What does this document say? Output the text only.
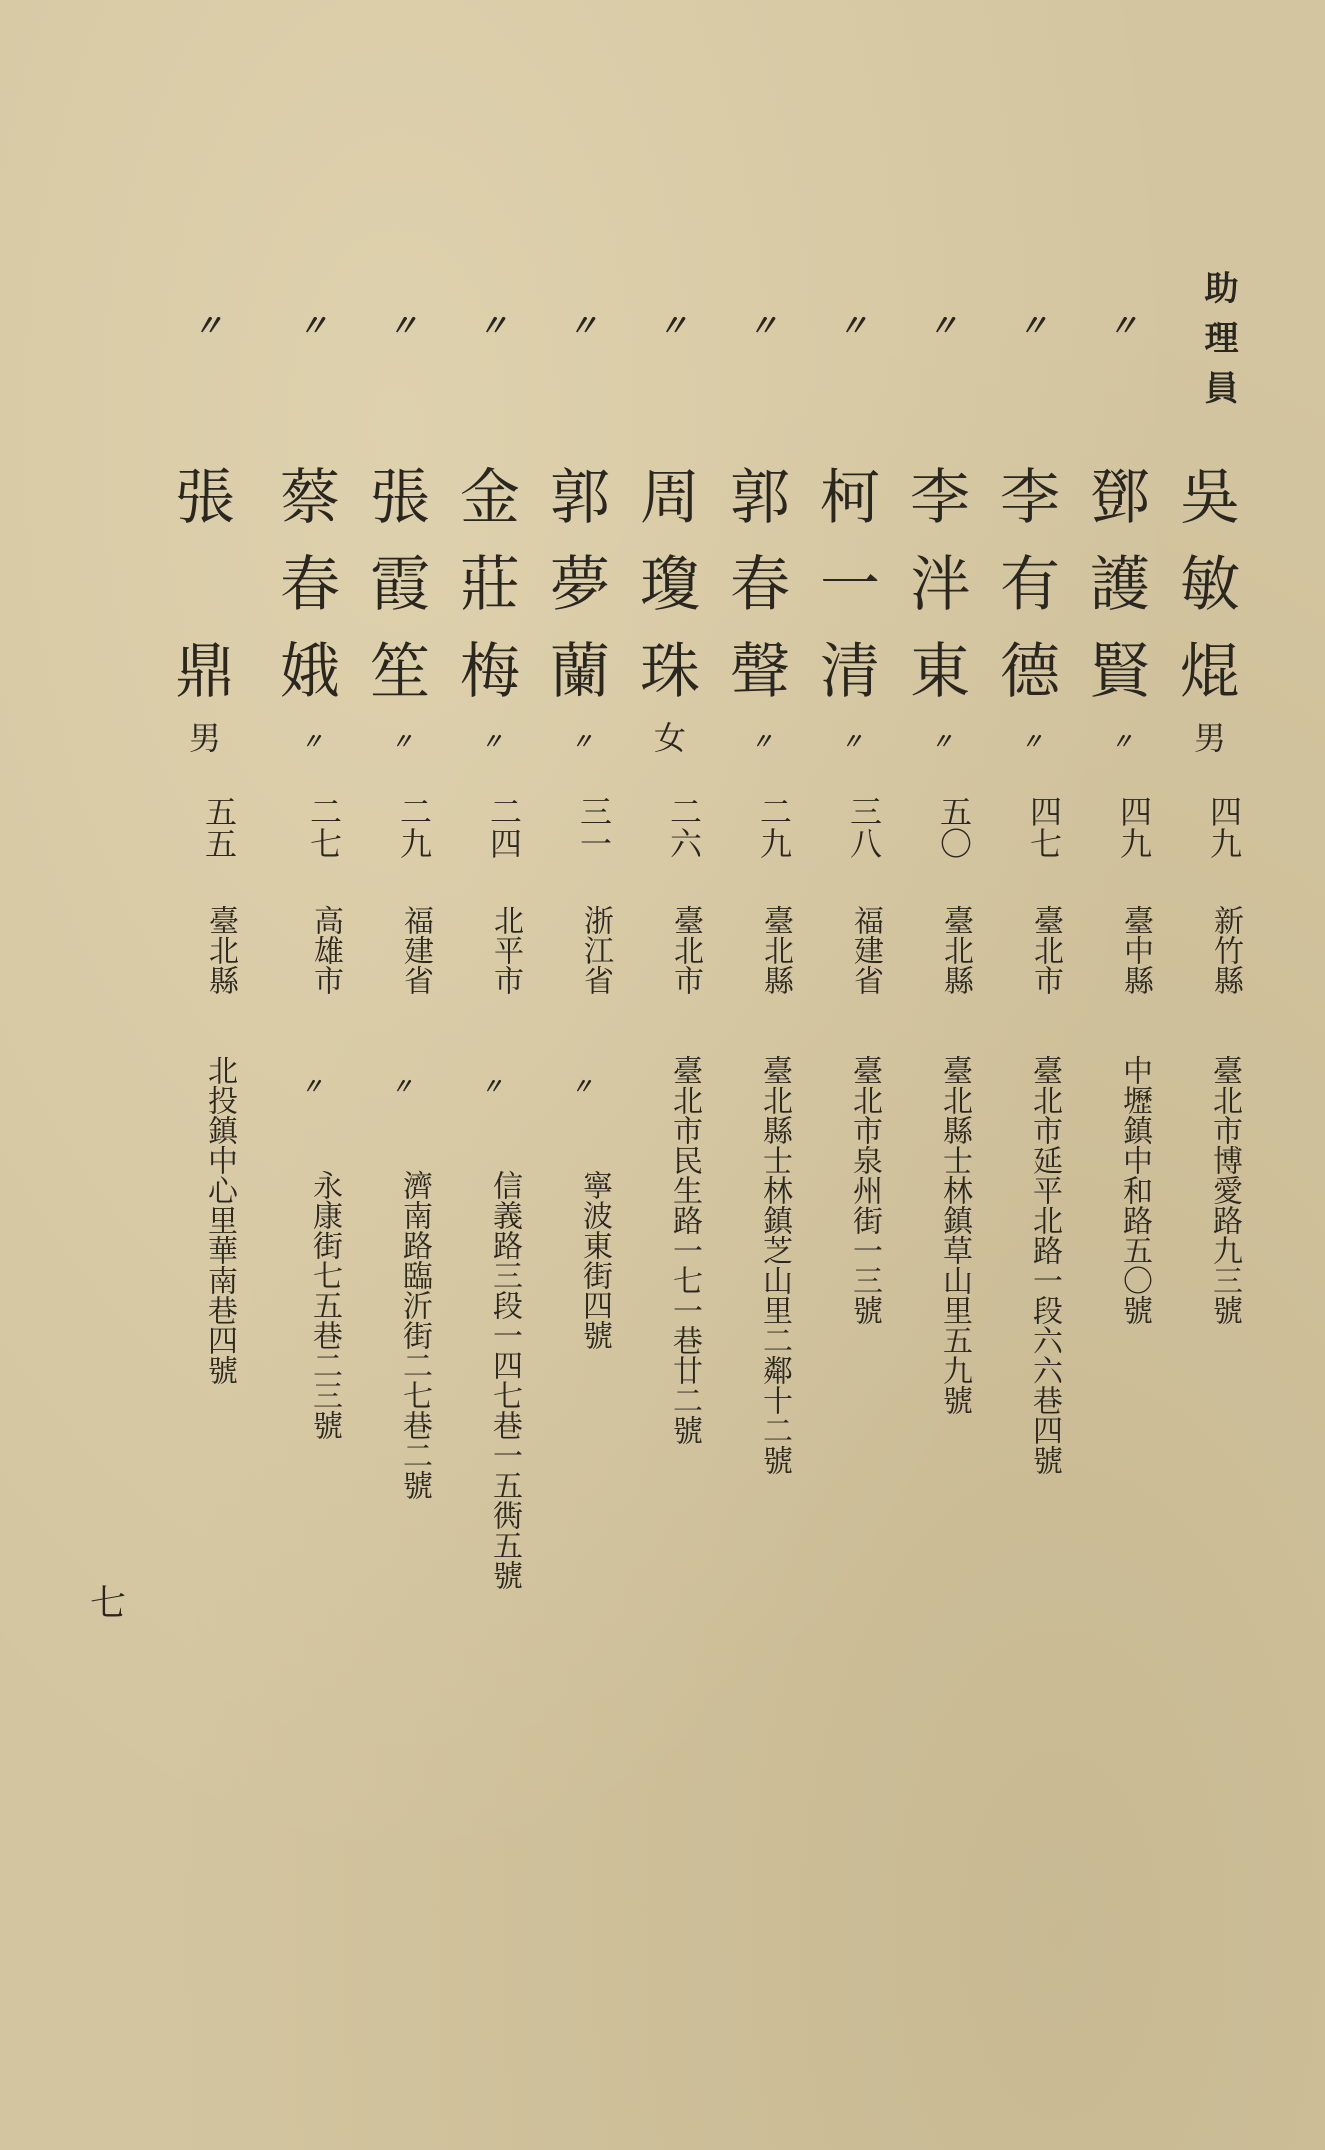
助理員
吳
敏
焜
男
四九
新竹縣
臺北市博愛路九三號
〃
鄧
護
賢
〃
四九
臺中縣
中壢鎮中和路五〇號
〃
李
有
德
〃
四七
臺北市
臺北市延平北路一段六六巷四號
〃
李
泮
東
〃
五〇
臺北縣
臺北縣士林鎮草山里五九號
〃
柯
一
清
〃
三八
福建省
臺北市泉州街一三號
〃
郭
春
聲
〃
二九
臺北縣
臺北縣士林鎮芝山里二鄰十二號
〃
周
瓊
珠
女
二六
臺北市
臺北市民生路一七一巷廿二號
〃
郭
夢
蘭
〃
三一
浙江省
〃
寧波東街四號
〃
金
莊
梅
〃
二四
北平市
〃
信義路三段一四七巷一五衖五號
〃
張
霞
笙
〃
二九
福建省
〃
濟南路臨沂街二七巷二號
〃
蔡
春
娥
〃
二七
高雄市
〃
永康街七五巷二三號
〃
張
鼎
男
五五
臺北縣
北投鎮中心里華南巷四號
七
